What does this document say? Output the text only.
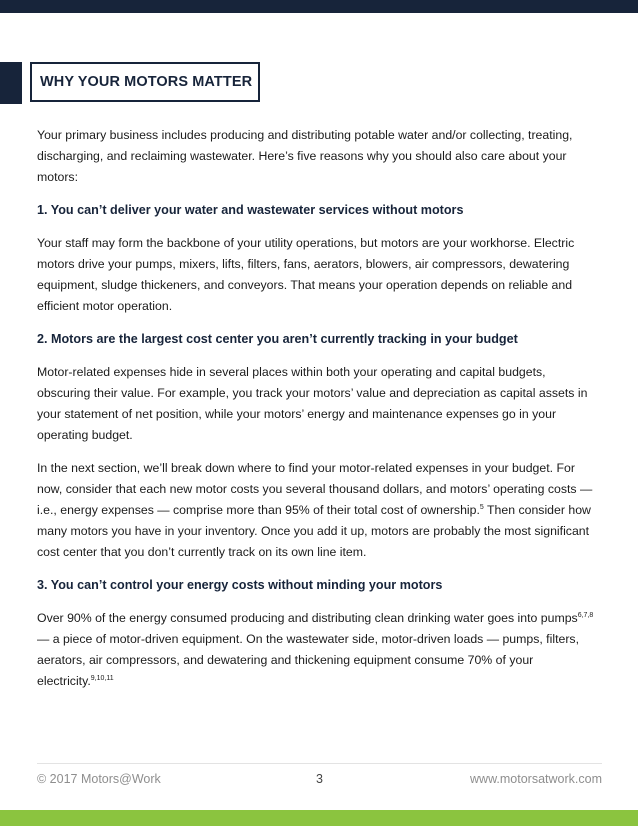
WHY YOUR MOTORS MATTER

Your primary business includes producing and distributing potable water and/or collecting, treating, discharging, and reclaiming wastewater. Here’s five reasons why you should also care about your motors:

1. You can’t deliver your water and wastewater services without motors

Your staff may form the backbone of your utility operations, but motors are your workhorse. Electric motors drive your pumps, mixers, lifts, filters, fans, aerators, blowers, air compressors, dewatering equipment, sludge thickeners, and conveyors. That means your operation depends on reliable and efficient motor operation.

2. Motors are the largest cost center you aren’t currently tracking in your budget

Motor-related expenses hide in several places within both your operating and capital budgets, obscuring their value. For example, you track your motors’ value and depreciation as capital assets in your statement of net position, while your motors’ energy and maintenance expenses go in your operating budget.

In the next section, we’ll break down where to find your motor-related expenses in your budget. For now, consider that each new motor costs you several thousand dollars, and motors’ operating costs — i.e., energy expenses — comprise more than 95% of their total cost of ownership.$^5$ Then consider how many motors you have in your inventory. Once you add it up, motors are probably the most significant cost center that you don’t currently track on its own line item.

3. You can’t control your energy costs without minding your motors

Over 90% of the energy consumed producing and distributing clean drinking water goes into pumps$^{6,7,8}$ — a piece of motor-driven equipment. On the wastewater side, motor-driven loads — pumps, filters, aerators, air compressors, and dewatering and thickening equipment consume 70% of your electricity.$^{9,10,11}$

© 2017 Motors@Work	3	www.motorsatwork.com
